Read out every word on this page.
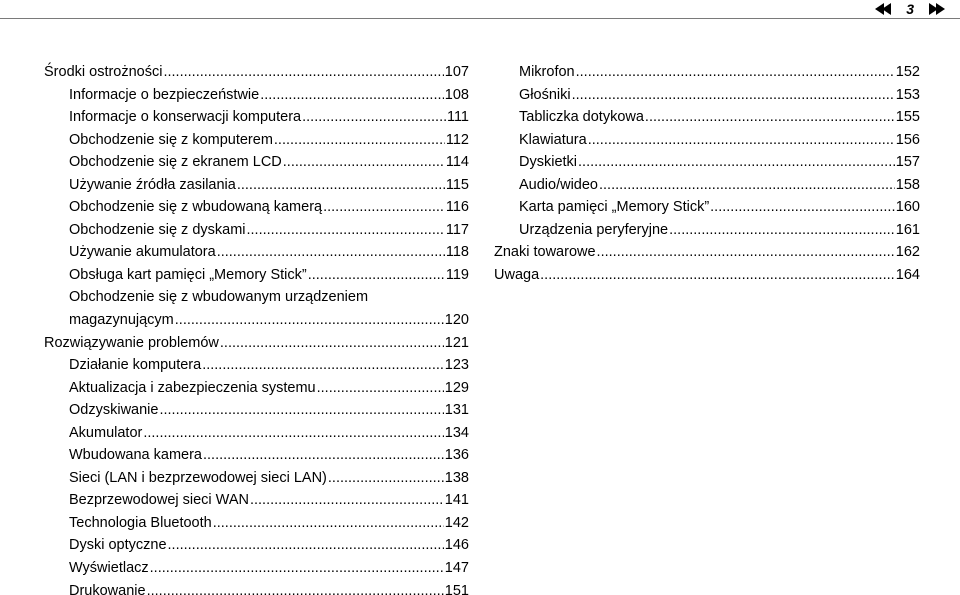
3
Środki ostrożności .....	107
Informacje o bezpieczeństwie .....	108
Informacje o konserwacji komputera .....	111
Obchodzenie się z komputerem .....	112
Obchodzenie się z ekranem LCD .....	114
Używanie źródła zasilania .....	115
Obchodzenie się z wbudowaną kamerą .....	116
Obchodzenie się z dyskami .....	117
Używanie akumulatora .....	118
Obsługa kart pamięci „Memory Stick” .....	119
Obchodzenie się z wbudowanym urządzeniem
magazynującym .....	120
Rozwiązywanie problemów .....	121
Działanie komputera .....	123
Aktualizacja i zabezpieczenia systemu .....	129
Odzyskiwanie .....	131
Akumulator .....	134
Wbudowana kamera .....	136
Sieci (LAN i bezprzewodowej sieci LAN) .....	138
Bezprzewodowej sieci WAN .....	141
Technologia Bluetooth .....	142
Dyski optyczne .....	146
Wyświetlacz .....	147
Drukowanie .....	151
Mikrofon .....	152
Głośniki .....	153
Tabliczka dotykowa .....	155
Klawiatura .....	156
Dyskietki .....	157
Audio/wideo .....	158
Karta pamięci „Memory Stick” .....	160
Urządzenia peryferyjne .....	161
Znaki towarowe .....	162
Uwaga .....	164
